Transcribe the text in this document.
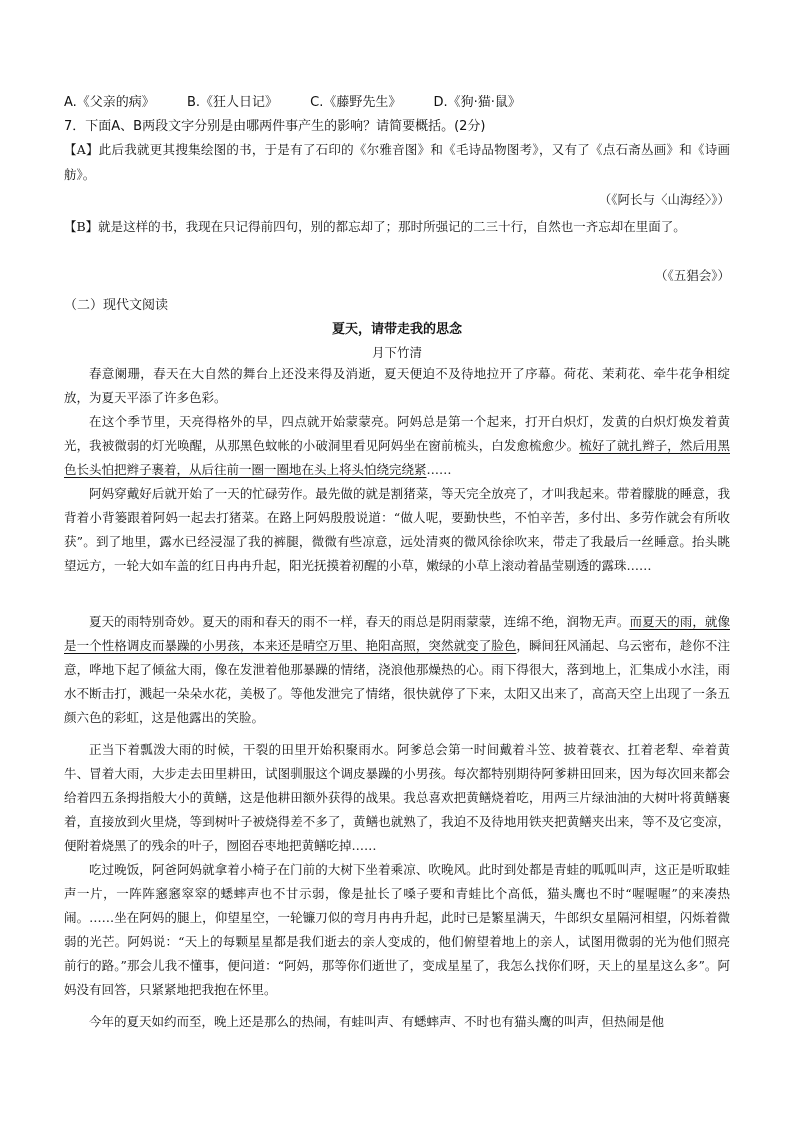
A.《父亲的病》 B.《狂人日记》 C.《藤野先生》 D.《狗·猫·鼠》
7．下面A、B两段文字分别是由哪两件事产生的影响？请简要概括。(2分)
【A】此后我就更其搜集绘图的书，于是有了石印的《尔雅音图》和《毛诗品物图考》，又有了《点石斋丛画》和《诗画舫》。
（《阿长与〈山海经〉》）
【B】就是这样的书，我现在只记得前四句，别的都忘却了；那时所强记的二三十行，自然也一齐忘却在里面了。
（《五猖会》）
（二）现代文阅读
夏天，请带走我的思念
月下竹清
春意阑珊，春天在大自然的舞台上还没来得及消逝，夏天便迫不及待地拉开了序幕。荷花、茉莉花、牵牛花争相绽放，为夏天平添了许多色彩。
在这个季节里，天亮得格外的早，四点就开始蒙蒙亮。阿妈总是第一个起来，打开白炽灯，发黄的白炽灯焕发着黄光，我被微弱的灯光唤醒，从那黑色蚊帐的小破洞里看见阿妈坐在窗前梳头，白发愈梳愈少。梳好了就扎辫子，然后用黑色长头怕把辫子裹着，从后往前一圈一圈地在头上将头怕绕完绕紧……
阿妈穿戴好后就开始了一天的忙碌劳作。最先做的就是割猪菜，等天完全放亮了，才叫我起来。带着朦胧的睡意，我背着小背篓跟着阿妈一起去打猪菜。在路上阿妈殷殷说道：“做人呢，要勤快些，不怕辛苦，多付出、多劳作就会有所收获”。到了地里，露水已经浸湿了我的裤腿，微微有些凉意，远处清爽的微风徐徐吹来，带走了我最后一丝睡意。抬头眺望远方，一轮大如车盖的红日冉冉升起，阳光抚摸着初醒的小草，嫩绿的小草上滚动着晶莹剔透的露珠……
夏天的雨特别奇妙。夏天的雨和春天的雨不一样，春天的雨总是阴雨蒙蒙，连绵不绝，润物无声。而夏天的雨，就像是一个性格调皮而暴躁的小男孩，本来还是晴空万里、艳阳高照，突然就变了脸色，瞬间狂风涌起、乌云密布，趁你不注意，哗地下起了倾盆大雨，像在发泄着他那暴躁的情绪，浇浪他那燥热的心。雨下得很大，落到地上，汇集成小水洼，雨水不断击打，溅起一朵朵水花，美极了。等他发泄完了情绪，很快就停了下来，太阳又出来了，高高天空上出现了一条五颜六色的彩虹，这是他露出的笑脸。
正当下着瓢泼大雨的时候，干裂的田里开始积聚雨水。阿爹总会第一时间戴着斗笠、披着蓑衣、扛着老犁、牵着黄牛、冒着大雨，大步走去田里耕田，试图驯服这个调皮暴躁的小男孩。每次都特别期待阿爹耕田回来，因为每次回来都会给着四五条拇指般大小的黄鳝，这是他耕田额外获得的战果。我总喜欢把黄鳝烧着吃，用两三片绿油油的大树叶将黄鳝裹着，直接放到火里烧，等到树叶子被烧得差不多了，黄鳝也就熟了，我迫不及待地用铁夹把黄鳝夹出来，等不及它变凉，便附着烧黑了的残余的叶子，囫囵吞枣地把黄鳝吃掉……
吃过晚饭，阿爸阿妈就拿着小椅子在门前的大树下坐着乘凉、吹晚风。此时到处都是青蛙的呱呱叫声，这正是听取蛙声一片，一阵阵窸窸窣窣的蟋蟀声也不甘示弱，像是扯长了嗓子要和青蛙比个高低，猫头鹰也不时“喔喔喔”的来凑热闹。……坐在阿妈的腿上，仰望星空，一轮镰刀似的弯月冉冉升起，此时已是繁星满天，牛郎织女星隔河相望，闪烁着微弱的光芒。阿妈说：“天上的每颗星星都是我们逝去的亲人变成的，他们俯望着地上的亲人，试图用微弱的光为他们照亮前行的路。”那会儿我不懂事，便问道：“阿妈，那等你们逝世了，变成星星了，我怎么找你们呀，天上的星星这么多”。阿妈没有回答，只紧紧地把我抱在怀里。
今年的夏天如约而至，晚上还是那么的热闹，有蛙叫声、有蟋蟀声、不时也有猫头鹰的叫声，但热闹是他
